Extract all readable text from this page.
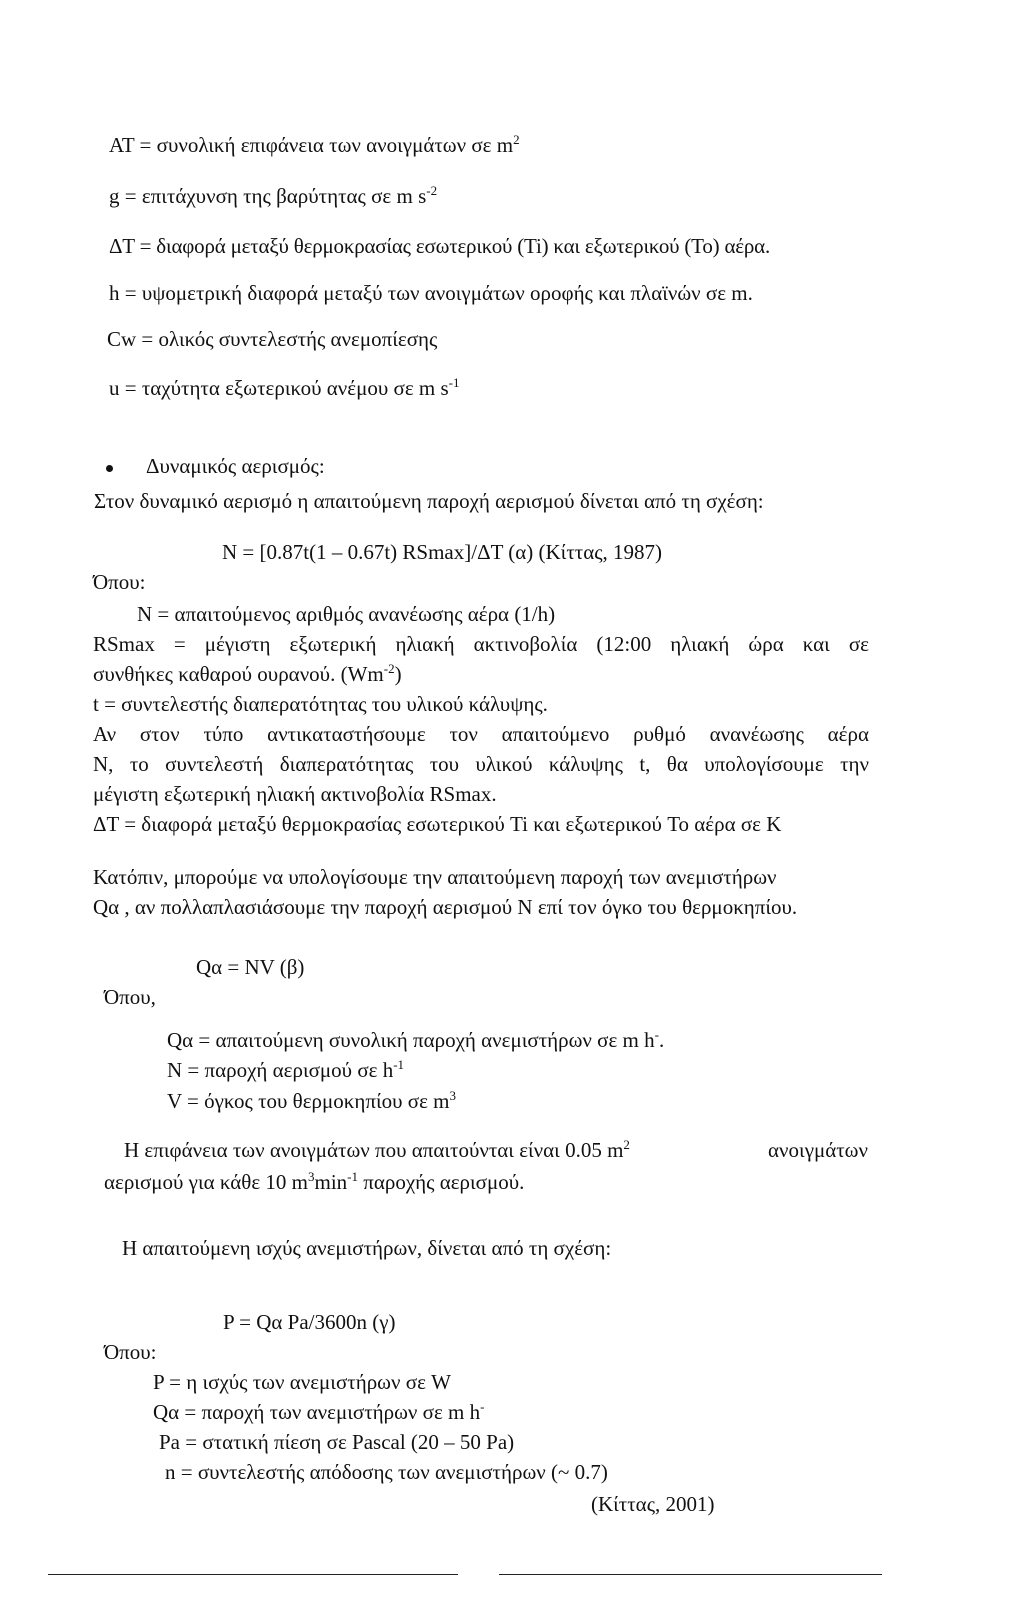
AT = συνολική επιφάνεια των ανοιγμάτων σε $m^2$
g = επιτάχυνση της βαρύτητας σε m $s^{-2}$
ΔT = διαφορά μεταξύ θερμοκρασίας εσωτερικού (Ti) και εξωτερικού (To) αέρα.
h = υψομετρική διαφορά μεταξύ των ανοιγμάτων οροφής και πλαϊνών σε m.
Cw = ολικός συντελεστής ανεμοπίεσης
u = ταχύτητα εξωτερικού ανέμου σε m $s^{-1}$
Δυναμικός αερισμός:
Στον δυναμικό αερισμό η απαιτούμενη παροχή αερισμού δίνεται από τη σχέση:
N = [0.87t(1 – 0.67t) RSmax]/ΔT (α) (Κίττας, 1987)
Όπου:
N = απαιτούμενος αριθμός ανανέωσης αέρα (1/h)
RSmax = μέγιστη εξωτερική ηλιακή ακτινοβολία (12:00 ηλιακή ώρα και σε
συνθήκες καθαρού ουρανού. $(Wm^{-2})$
t = συντελεστής διαπερατότητας του υλικού κάλυψης.
Αν στον τύπο αντικαταστήσουμε τον απαιτούμενο ρυθμό ανανέωσης αέρα
N, το συντελεστή διαπερατότητας του υλικού κάλυψης t, θα υπολογίσουμε την
μέγιστη εξωτερική ηλιακή ακτινοβολία RSmax.
ΔT = διαφορά μεταξύ θερμοκρασίας εσωτερικού Ti και εξωτερικού To αέρα σε K
Κατόπιν, μπορούμε να υπολογίσουμε την απαιτούμενη παροχή των ανεμιστήρων
Qα , αν πολλαπλασιάσουμε την παροχή αερισμού N επί τον όγκο του θερμοκηπίου.
Qα = NV (β)
Όπου,
Qα = απαιτούμενη συνολική παροχή ανεμιστήρων σε m h-.
N = παροχή αερισμού σε $h^{-1}$
V = όγκος του θερμοκηπίου σε $m^3$
Η επιφάνεια των ανοιγμάτων που απαιτούνται είναι 0.05 $m^2$	ανοιγμάτων
αερισμού για κάθε 10 $m^3\min^{-1}$ παροχής αερισμού.
Η απαιτούμενη ισχύς ανεμιστήρων, δίνεται από τη σχέση:
P = Qα Pa/3600n (γ)
Όπου:
P = η ισχύς των ανεμιστήρων σε W
Qα = παροχή των ανεμιστήρων σε m h-
Pa = στατική πίεση σε Pascal (20 – 50 Pa)
n = συντελεστής απόδοσης των ανεμιστήρων (~ 0.7)
(Κίττας, 2001)
